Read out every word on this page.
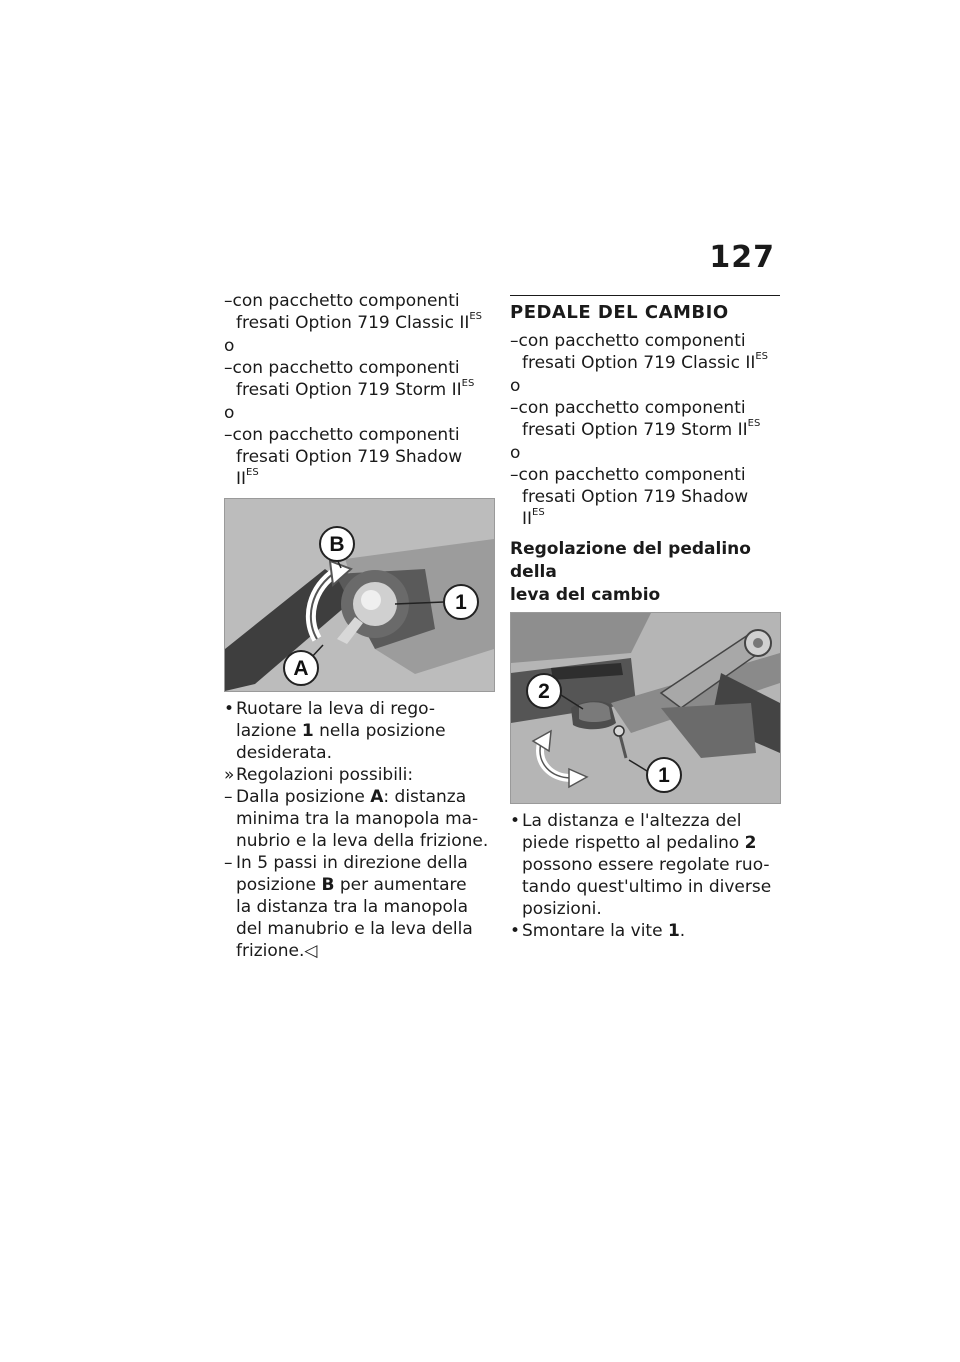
127
–con pacchetto componenti
fresati Option 719 Classic $II^{ES}$
o
–con pacchetto componenti
fresati Option 719 Storm $II^{ES}$
o
–con pacchetto componenti
fresati Option 719 Shadow
$II^{ES}$
B
A
1
• Ruotare la leva di rego-
lazione 1 nella posizione
desiderata.
» Regolazioni possibili:
– Dalla posizione A: distanza
minima tra la manopola ma-
nubrio e la leva della frizione.
– In 5 passi in direzione della
posizione B per aumentare
la distanza tra la manopola
del manubrio e la leva della
frizione.◁
PEDALE DEL CAMBIO
–con pacchetto componenti
fresati Option 719 Classic $II^{ES}$
o
–con pacchetto componenti
fresati Option 719 Storm $II^{ES}$
o
–con pacchetto componenti
fresati Option 719 Shadow
$II^{ES}$
Regolazione del pedalino della
leva del cambio
2
1
• La distanza e l'altezza del
piede rispetto al pedalino 2
possono essere regolate ruo-
tando quest'ultimo in diverse
posizioni.
• Smontare la vite 1.
